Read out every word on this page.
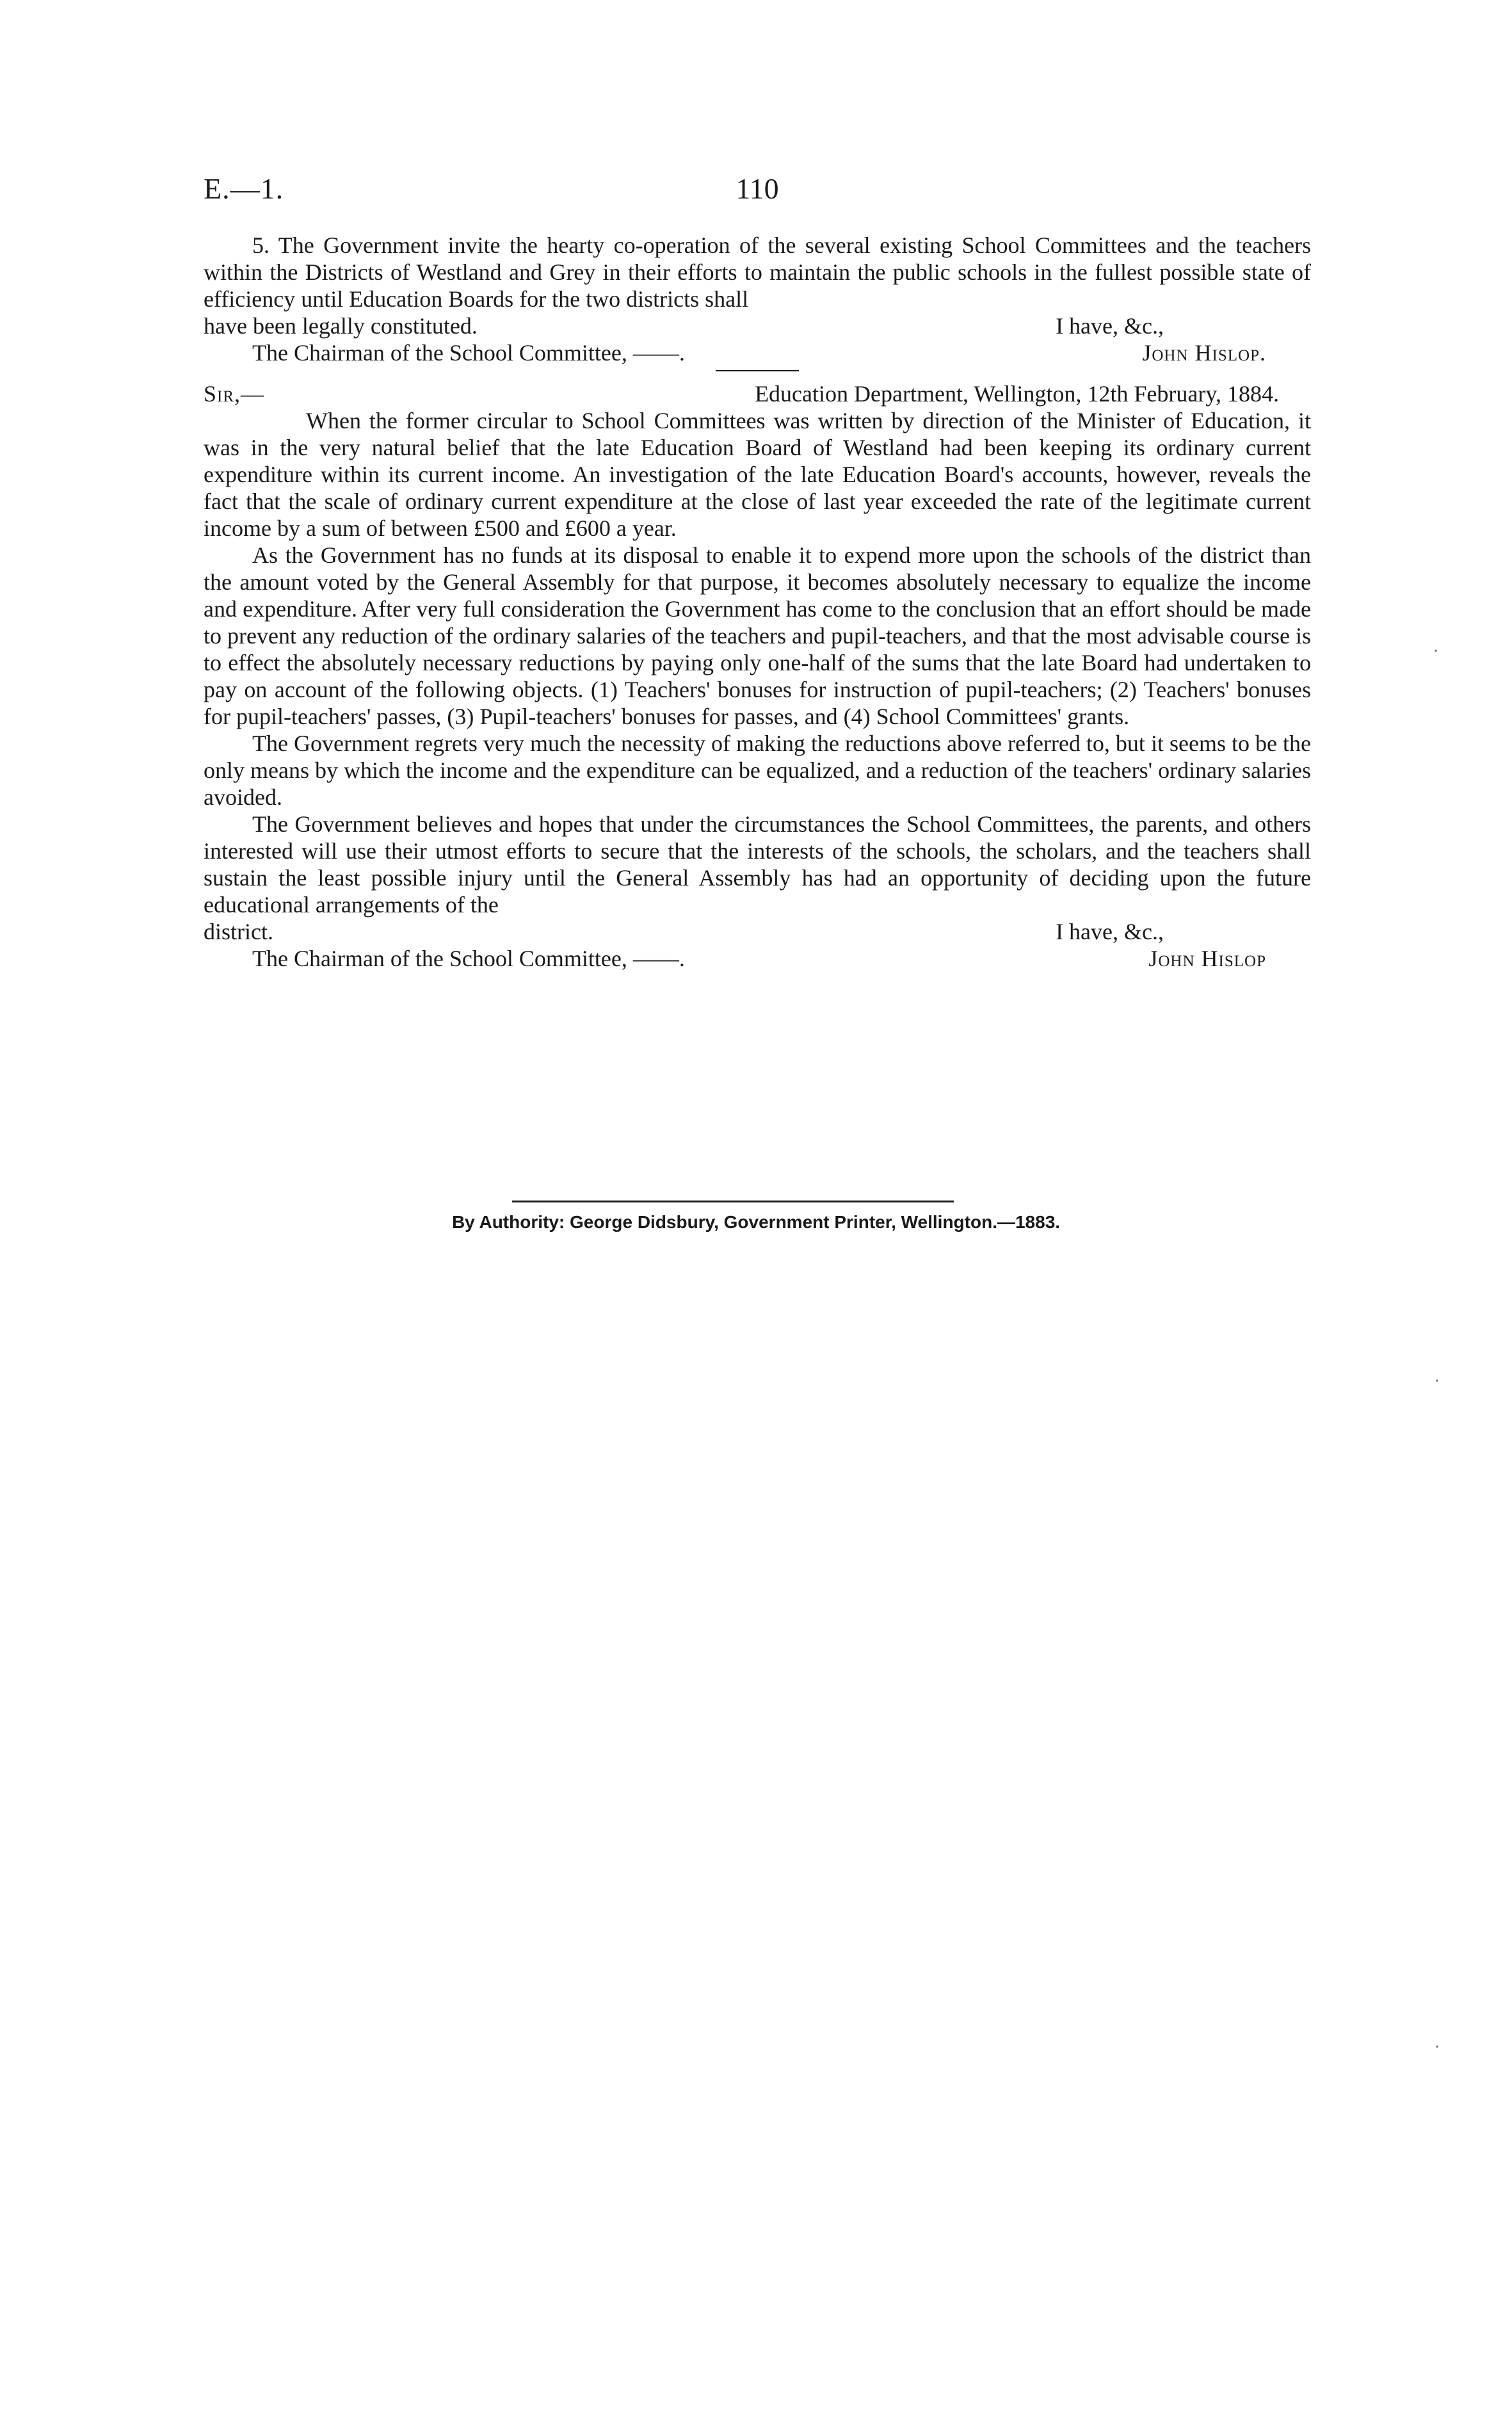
E.—1.	110

5. The Government invite the hearty co-operation of the several existing School Committees and the teachers within the Districts of Westland and Grey in their efforts to maintain the public schools in the fullest possible state of efficiency until Education Boards for the two districts shall

have been legally constituted.	I have, &c.,
The Chairman of the School Committee, ——.	John Hislop.
Sir,—	Education Department, Wellington, 12th February, 1884.

When the former circular to School Committees was written by direction of the Minister of Education, it was in the very natural belief that the late Education Board of Westland had been keeping its ordinary current expenditure within its current income. An investigation of the late Education Board's accounts, however, reveals the fact that the scale of ordinary current expenditure at the close of last year exceeded the rate of the legitimate current income by a sum of between £500 and £600 a year.

As the Government has no funds at its disposal to enable it to expend more upon the schools of the district than the amount voted by the General Assembly for that purpose, it becomes absolutely necessary to equalize the income and expenditure. After very full consideration the Government has come to the conclusion that an effort should be made to prevent any reduction of the ordinary salaries of the teachers and pupil-teachers, and that the most advisable course is to effect the absolutely necessary reductions by paying only one-half of the sums that the late Board had undertaken to pay on account of the following objects. (1) Teachers' bonuses for instruction of pupil-teachers; (2) Teachers' bonuses for pupil-teachers' passes, (3) Pupil-teachers' bonuses for passes, and (4) School Committees' grants.

The Government regrets very much the necessity of making the reductions above referred to, but it seems to be the only means by which the income and the expenditure can be equalized, and a reduction of the teachers' ordinary salaries avoided.

The Government believes and hopes that under the circumstances the School Committees, the parents, and others interested will use their utmost efforts to secure that the interests of the schools, the scholars, and the teachers shall sustain the least possible injury until the General Assembly has had an opportunity of deciding upon the future educational arrangements of the

district.	I have, &c.,
The Chairman of the School Committee, ——.	John Hislop
By Authority: George Didsbury, Government Printer, Wellington.—1883.
·
·
·
